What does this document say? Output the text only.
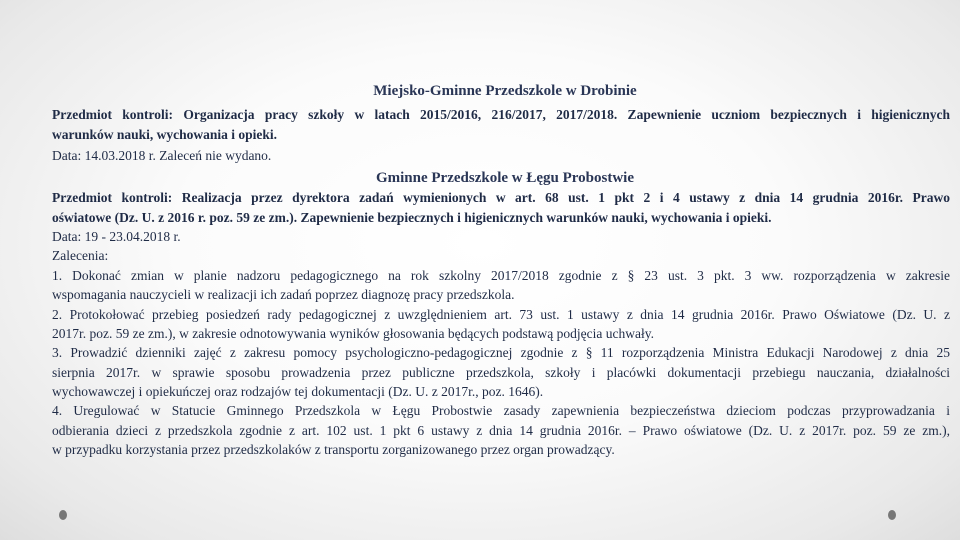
Miejsko-Gminne Przedszkole w Drobinie
Przedmiot kontroli: Organizacja pracy szkoły w latach 2015/2016, 216/2017, 2017/2018. Zapewnienie uczniom bezpiecznych i higienicznych
warunków nauki, wychowania i opieki.
Data: 14.03.2018 r. Zaleceń nie wydano.
Gminne Przedszkole w Łęgu Probostwie
Przedmiot kontroli: Realizacja przez dyrektora zadań wymienionych w art. 68 ust. 1 pkt 2 i 4 ustawy z dnia 14 grudnia 2016r. Prawo
oświatowe (Dz. U. z 2016 r. poz. 59 ze zm.). Zapewnienie bezpiecznych i higienicznych warunków nauki, wychowania i opieki.
Data: 19 - 23.04.2018 r.
Zalecenia:
1. Dokonać zmian w planie nadzoru pedagogicznego na rok szkolny 2017/2018 zgodnie z § 23 ust. 3 pkt. 3 ww. rozporządzenia w zakresie
wspomagania nauczycieli w realizacji ich zadań poprzez diagnozę pracy przedszkola.
2. Protokołować przebieg posiedzeń rady pedagogicznej z uwzględnieniem art. 73 ust. 1 ustawy z dnia 14 grudnia 2016r. Prawo Oświatowe (Dz. U. z
2017r. poz. 59 ze zm.), w zakresie odnotowywania wyników głosowania będących podstawą podjęcia uchwały.
3. Prowadzić dzienniki zajęć z zakresu pomocy psychologiczno-pedagogicznej zgodnie z § 11 rozporządzenia Ministra Edukacji Narodowej z dnia 25
sierpnia 2017r. w sprawie sposobu prowadzenia przez publiczne przedszkola, szkoły i placówki dokumentacji przebiegu nauczania, działalności
wychowawczej i opiekuńczej oraz rodzajów tej dokumentacji (Dz. U. z 2017r., poz. 1646).
4. Uregulować w Statucie Gminnego Przedszkola w Łęgu Probostwie zasady zapewnienia bezpieczeństwa dzieciom podczas przyprowadzania i
odbierania dzieci z przedszkola zgodnie z art. 102 ust. 1 pkt 6 ustawy z dnia 14 grudnia 2016r. – Prawo oświatowe (Dz. U. z 2017r. poz. 59 ze zm.),
w przypadku korzystania przez przedszkolaków z transportu zorganizowanego przez organ prowadzący.
